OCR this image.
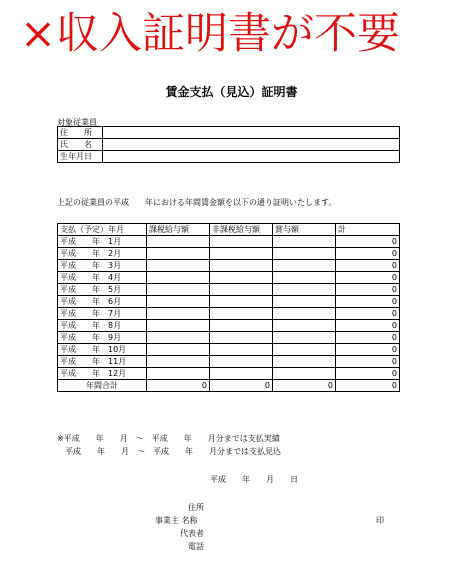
×収入証明書が不要
賃金支払（見込）証明書
対象従業員
住　　所	
氏　　名	
生年月日	
上記の従業員の平成　　年における年間賃金額を以下の通り証明いたします。
支払（予定）年月	課税給与額	非課税給与額	賞与額	計
平成　　年　1月				0
平成　　年　2月				0
平成　　年　3月				0
平成　　年　4月				0
平成　　年　5月				0
平成　　年　6月				0
平成　　年　7月				0
平成　　年　8月				0
平成　　年　9月				0
平成　　年　10月				0
平成　　年　11月				0
平成　　年　12月				0
年間合計	0	0	0	0
※平成　　年　　月　～　平成　　年　　月分までは支払実績
　平成　　年　　月　～　平成　　年　　月分までは支払見込
平成　　年　　月　　日
住所
事業主 名称	印
代表者
電話
